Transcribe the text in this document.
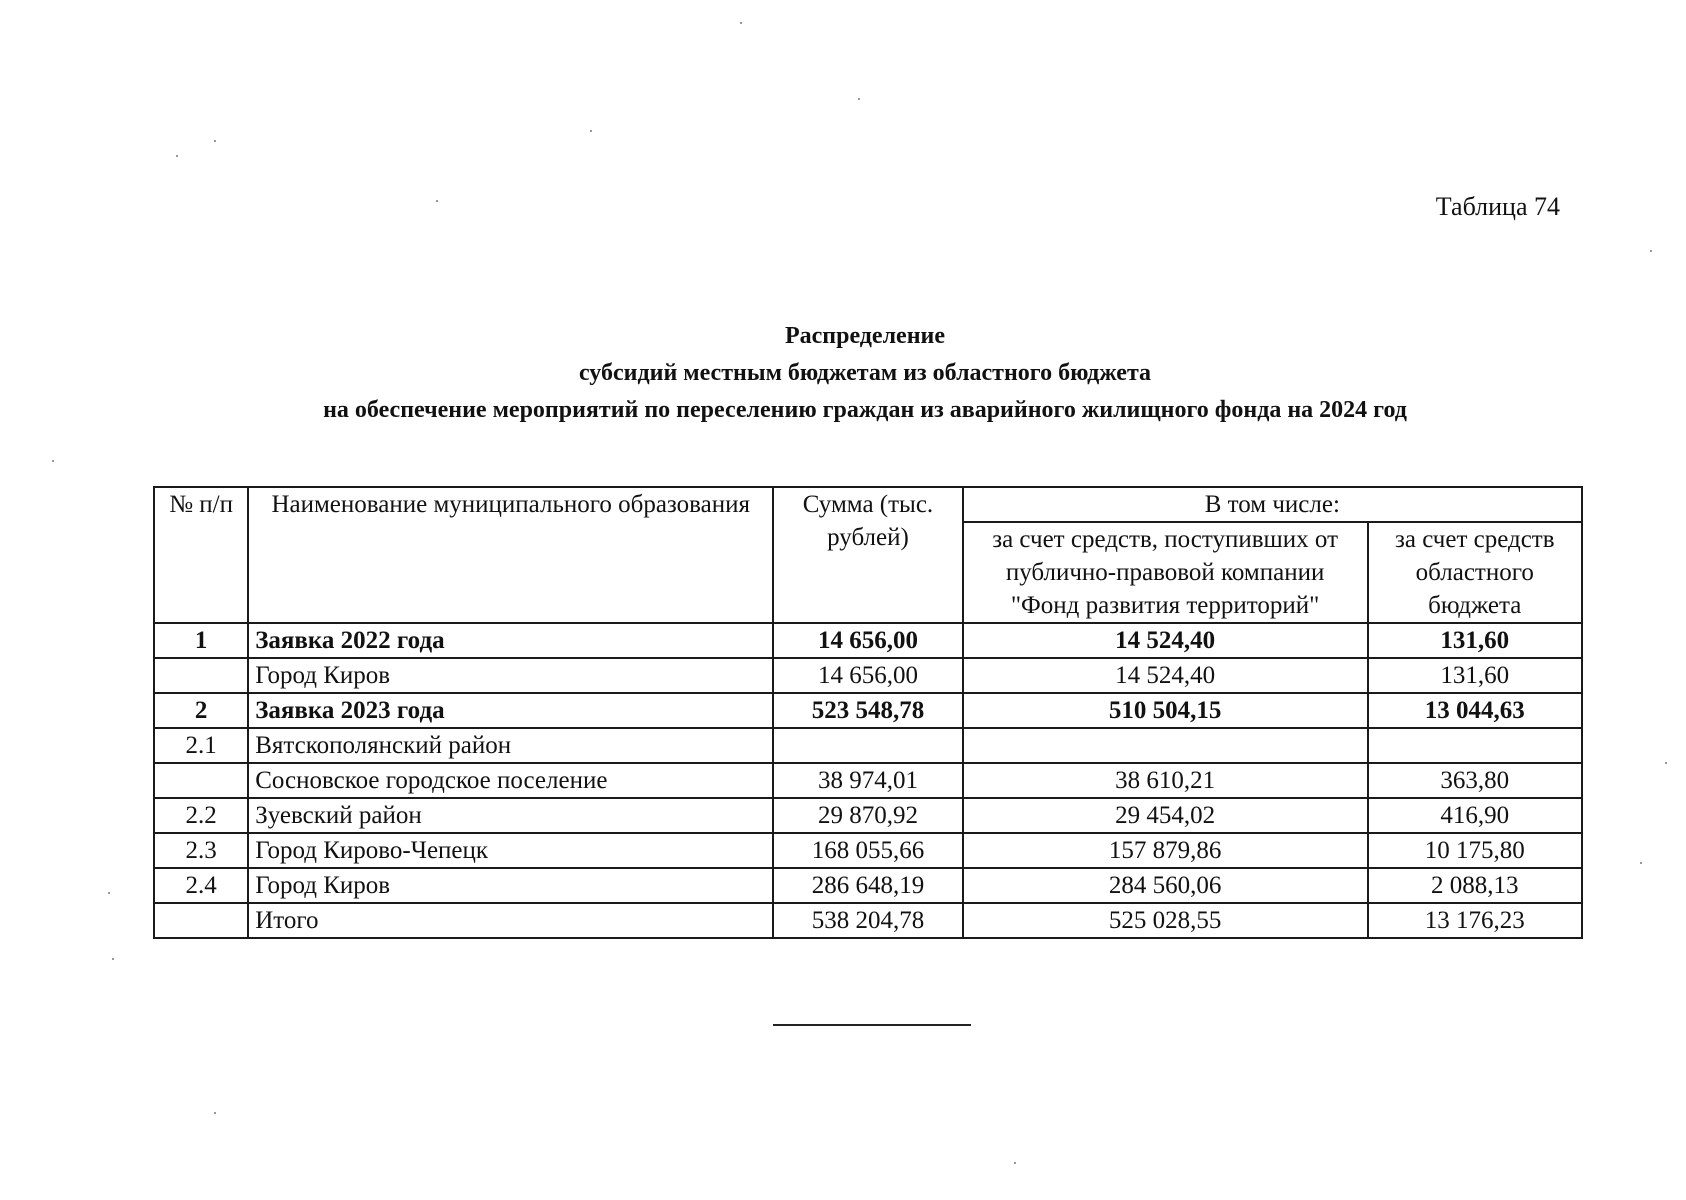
Таблица 74
Распределение
субсидий местным бюджетам из областного бюджета
на обеспечение мероприятий по переселению граждан из аварийного жилищного фонда на 2024 год
№ п/п	Наименование муниципального образования	Сумма (тыс. рублей)	В том числе:	
			за счет средств, поступивших от публично-правовой компании "Фонд развития территорий"	за счет средств областного бюджета
1	Заявка 2022 года	14 656,00	14 524,40	131,60
	Город Киров	14 656,00	14 524,40	131,60
2	Заявка 2023 года	523 548,78	510 504,15	13 044,63
2.1	Вятскополянский район			
	Сосновское городское поселение	38 974,01	38 610,21	363,80
2.2	Зуевский район	29 870,92	29 454,02	416,90
2.3	Город Кирово-Чепецк	168 055,66	157 879,86	10 175,80
2.4	Город Киров	286 648,19	284 560,06	2 088,13
	Итого	538 204,78	525 028,55	13 176,23
